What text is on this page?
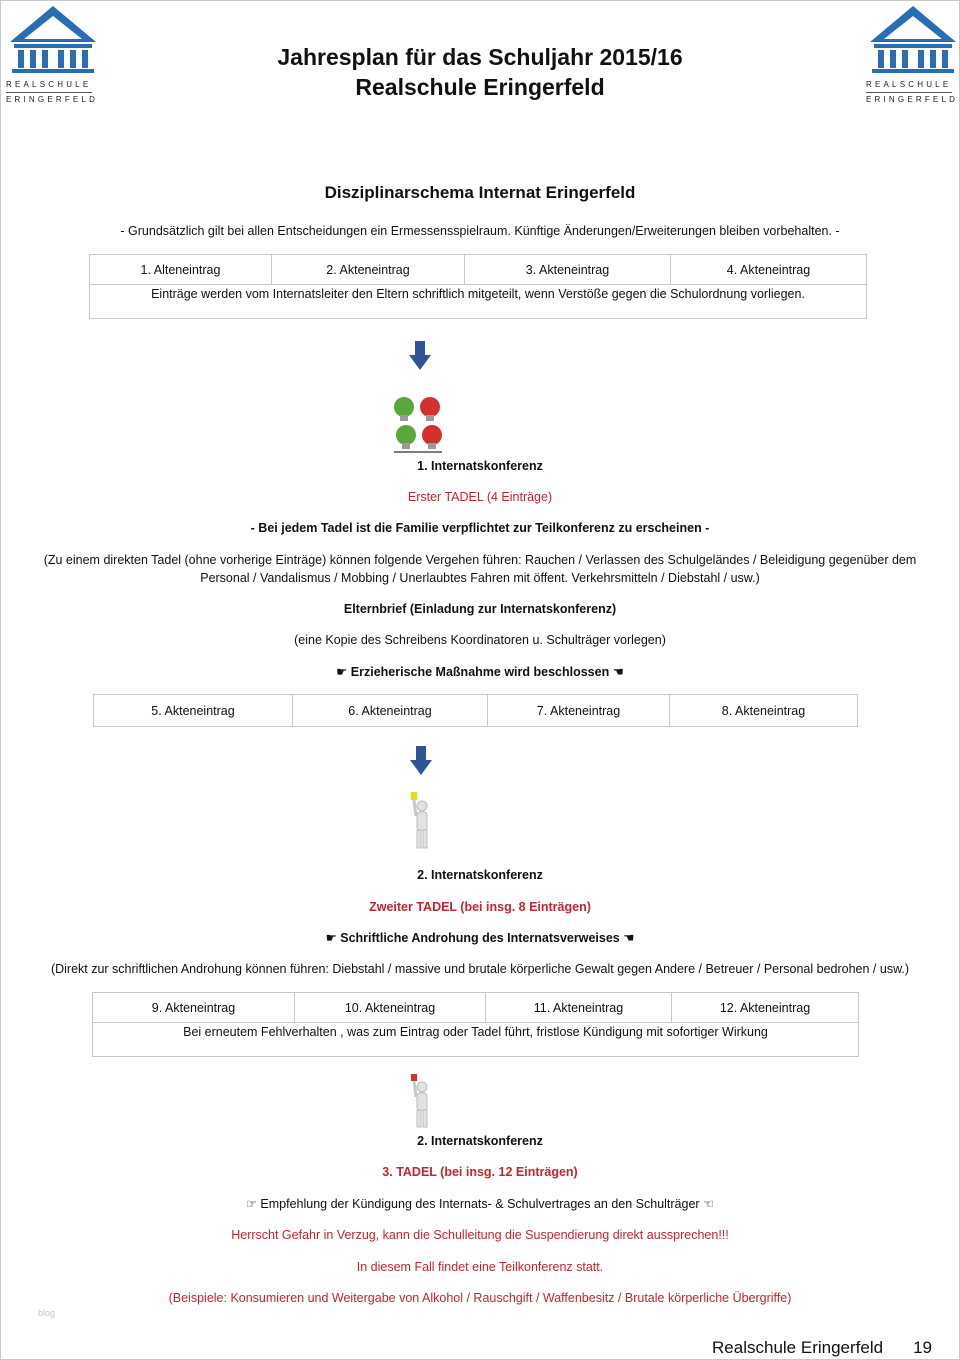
REALSCHULE
ERINGERFELD
REALSCHULE
ERINGERFELD
Jahresplan für das Schuljahr 2015/16
Realschule Eringerfeld
Disziplinarschema Internat Eringerfeld
- Grundsätzlich gilt bei allen Entscheidungen ein Ermessensspielraum. Künftige Änderungen/Erweiterungen bleiben vorbehalten. -
1. Alteneintrag	2. Akteneintrag	3. Akteneintrag	4. Akteneintrag
Einträge werden vom Internatsleiter den Eltern schriftlich mitgeteilt, wenn Verstöße gegen die Schulordnung vorliegen.
1. Internatskonferenz
Erster TADEL (4 Einträge)
- Bei jedem Tadel ist die Familie verpflichtet zur Teilkonferenz zu erscheinen -
(Zu einem direkten Tadel (ohne vorherige Einträge) können folgende Vergehen führen: Rauchen / Verlassen des Schulgeländes / Beleidigung gegenüber dem Personal / Vandalismus / Mobbing / Unerlaubtes Fahren mit öffent. Verkehrsmitteln / Diebstahl / usw.)
Elternbrief (Einladung zur Internatskonferenz)
(eine Kopie des Schreibens Koordinatoren u. Schulträger vorlegen)
☛ Erzieherische Maßnahme wird beschlossen ☚
5. Akteneintrag	6. Akteneintrag	7. Akteneintrag	8. Akteneintrag
2. Internatskonferenz
Zweiter TADEL (bei insg. 8 Einträgen)
☛ Schriftliche Androhung des Internatsverweises ☚
(Direkt zur schriftlichen Androhung können führen: Diebstahl / massive und brutale körperliche Gewalt gegen Andere / Betreuer / Personal bedrohen / usw.)
9. Akteneintrag	10. Akteneintrag	11. Akteneintrag	12. Akteneintrag
Bei erneutem Fehlverhalten , was zum Eintrag oder Tadel führt, fristlose Kündigung mit sofortiger Wirkung
2. Internatskonferenz
3. TADEL (bei insg. 12 Einträgen)
☞ Empfehlung der Kündigung des Internats- & Schulvertrages an den Schulträger ☜
Herrscht Gefahr in Verzug, kann die Schulleitung die Suspendierung direkt aussprechen!!!
In diesem Fall findet eine Teilkonferenz statt.
(Beispiele: Konsumieren und Weitergabe von Alkohol / Rauschgift / Waffenbesitz / Brutale körperliche Übergriffe)
blog
Realschule Eringerfeld 19
